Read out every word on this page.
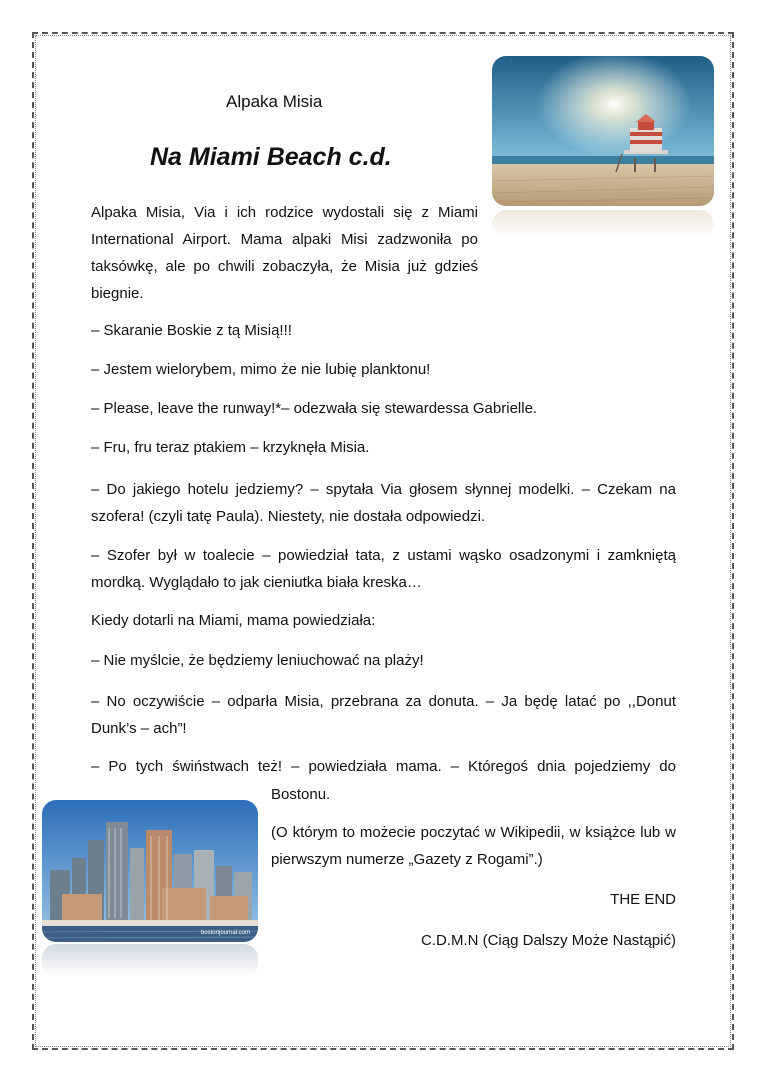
Alpaka Misia
Na Miami Beach c.d.
Alpaka Misia, Via i ich rodzice wydostali się z Miami International Airport. Mama alpaki Misi zadzwoniła po taksówkę, ale po chwili zobaczyła, że Misia już gdzieś biegnie.
– Skaranie Boskie z tą Misią!!!
– Jestem wielorybem, mimo że nie lubię planktonu!
– Please, leave the runway!*– odezwała się stewardessa Gabrielle.
– Fru, fru teraz ptakiem – krzyknęła Misia.
– Do jakiego hotelu jedziemy? – spytała Via głosem słynnej modelki. – Czekam na szofera! (czyli tatę Paula). Niestety, nie dostała odpowiedzi.
– Szofer był w toalecie – powiedział tata, z ustami wąsko osadzonymi i zamkniętą mordką. Wyglądało to jak cieniutka biała kreska…
Kiedy dotarli na Miami, mama powiedziała:
– Nie myślcie, że będziemy leniuchować na plaży!
– No oczywiście – odparła Misia, przebrana za donuta. – Ja będę latać po ,,Donut Dunk’s – ach”!
– Po tych świństwach też! – powiedziała mama. – Któregoś dnia pojedziemy do
Bostonu.
(O którym to możecie poczytać w Wikipedii, w książce lub w pierwszym numerze „Gazety z Rogami”.)
THE END
C.D.M.N (Ciąg Dalszy Może Nastąpić)
bostonjournal.com
